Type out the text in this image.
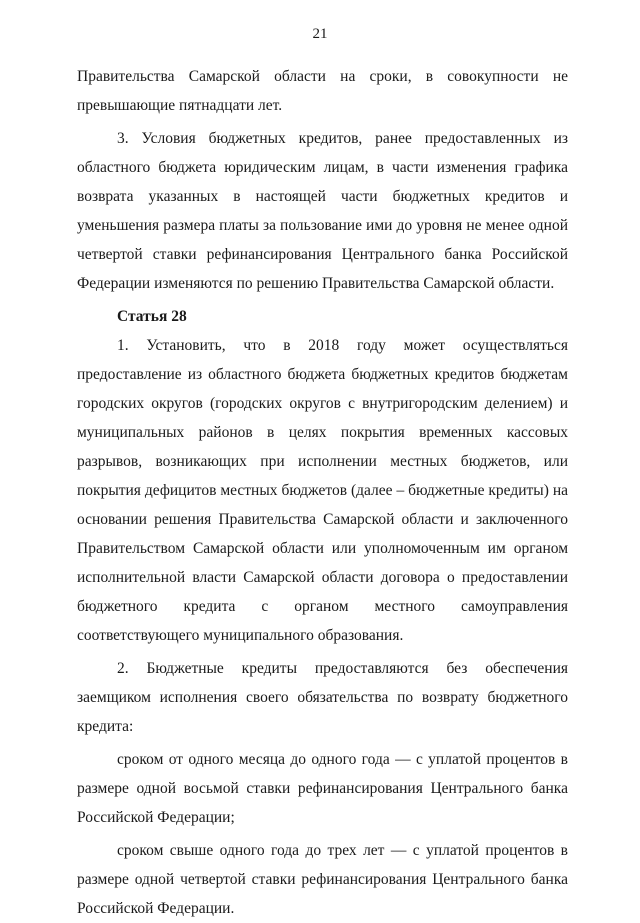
21

Правительства Самарской области на сроки, в совокупности не превышающие пятнадцати лет.

3. Условия бюджетных кредитов, ранее предоставленных из областного бюджета юридическим лицам, в части изменения графика возврата указанных в настоящей части бюджетных кредитов и уменьшения размера платы за пользование ими до уровня не менее одной четвертой ставки рефинансирования Центрального банка Российской Федерации изменяются по решению Правительства Самарской области.

Статья 28

1. Установить, что в 2018 году может осуществляться предоставление из областного бюджета бюджетных кредитов бюджетам городских округов (городских округов с внутригородским делением) и муниципальных районов в целях покрытия временных кассовых разрывов, возникающих при исполнении местных бюджетов, или покрытия дефицитов местных бюджетов (далее – бюджетные кредиты) на основании решения Правительства Самарской области и заключенного Правительством Самарской области или уполномоченным им органом исполнительной власти Самарской области договора о предоставлении бюджетного кредита с органом местного самоуправления соответствующего муниципального образования.

2. Бюджетные кредиты предоставляются без обеспечения заемщиком исполнения своего обязательства по возврату бюджетного кредита:

сроком от одного месяца до одного года — с уплатой процентов в размере одной восьмой ставки рефинансирования Центрального банка Российской Федерации;

сроком свыше одного года до трех лет — с уплатой процентов в размере одной четвертой ставки рефинансирования Центрального банка Российской Федерации.
